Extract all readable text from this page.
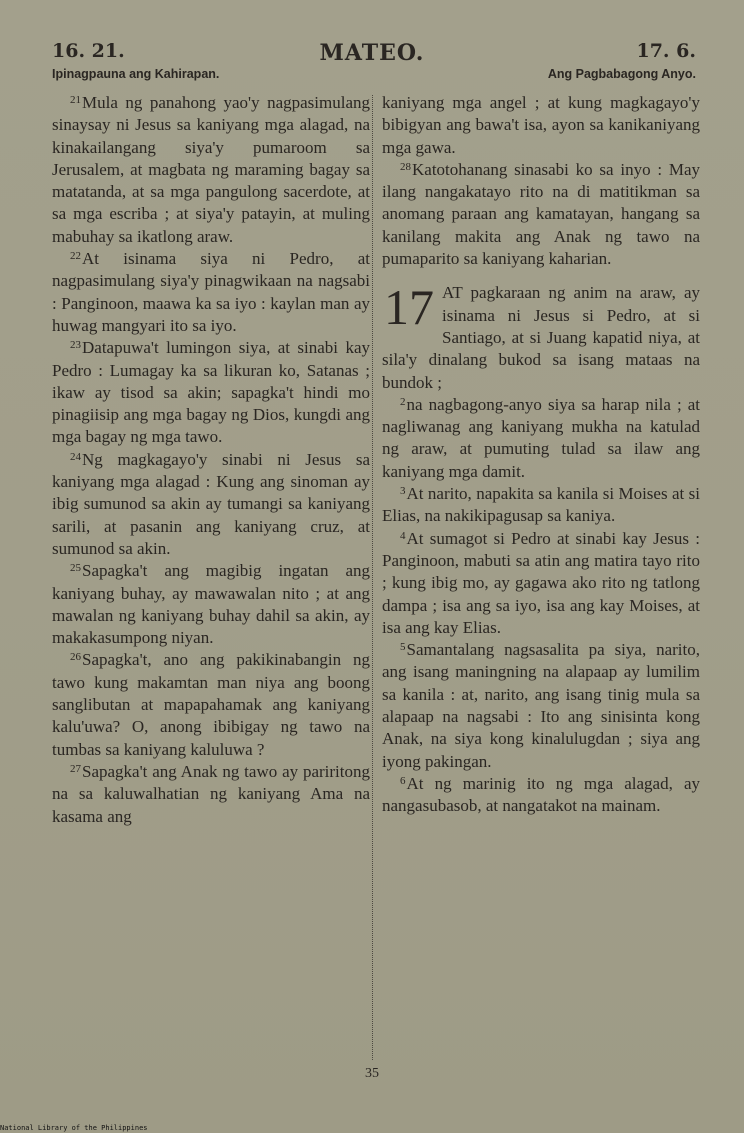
16. 21.	MATEO.	17. 6.
Ipinagpauna ang Kahirapan.	Ang Pagbabagong Anyo.

$^{21}$Mula ng panahong yao'y nagpasimulang sinaysay ni Jesus sa kaniyang mga alagad, na kinakailangang siya'y pumaroom sa Jerusalem, at magbata ng maraming bagay sa matatanda, at sa mga pangulong sacerdote, at sa mga escriba ; at siya'y patayin, at muling mabuhay sa ikatlong araw.

$^{22}$At isinama siya ni Pedro, at nagpasimulang siya'y pinagwikaan na nagsabi : Panginoon, maawa ka sa iyo : kaylan man ay huwag mangyari ito sa iyo.

$^{23}$Datapuwa't lumingon siya, at sinabi kay Pedro : Lumagay ka sa likuran ko, Satanas ; ikaw ay tisod sa akin; sapagka't hindi mo pinagiisip ang mga bagay ng Dios, kungdi ang mga bagay ng mga tawo.

$^{24}$Ng magkagayo'y sinabi ni Jesus sa kaniyang mga alagad : Kung ang sinoman ay ibig sumunod sa akin ay tumangi sa kaniyang sarili, at pasanin ang kaniyang cruz, at sumunod sa akin.

$^{25}$Sapagka't ang magibig ingatan ang kaniyang buhay, ay mawawalan nito ; at ang mawalan ng kaniyang buhay dahil sa akin, ay makakasumpong niyan.

$^{26}$Sapagka't, ano ang pakikinabangin ng tawo kung makamtan man niya ang boong sanglibutan at mapapahamak ang kaniyang kalu'uwa? O, anong ibibigay ng tawo na tumbas sa kaniyang kaluluwa ?

$^{27}$Sapagka't ang Anak ng tawo ay pariritong na sa kaluwalhatian ng kaniyang Ama na kasama ang

kaniyang mga angel ; at kung magkagayo'y bibigyan ang bawa't isa, ayon sa kanikaniyang mga gawa.

$^{28}$Katotohanang sinasabi ko sa inyo : May ilang nangakatayo rito na di matitikman sa anomang paraan ang kamatayan, hangang sa kanilang makita ang Anak ng tawo na pumaparito sa kaniyang kaharian.

17 AT pagkaraan ng anim na araw, ay isinama ni Jesus si Pedro, at si Santiago, at si Juang kapatid niya, at sila'y dinalang bukod sa isang mataas na bundok ;

$^2$na nagbagong-anyo siya sa harap nila ; at nagliwanag ang kaniyang mukha na katulad ng araw, at pumuting tulad sa ilaw ang kaniyang mga damit.

$^3$At narito, napakita sa kanila si Moises at si Elias, na nakikipagusap sa kaniya.

$^4$At sumagot si Pedro at sinabi kay Jesus : Panginoon, mabuti sa atin ang matira tayo rito ; kung ibig mo, ay gagawa ako rito ng tatlong dampa ; isa ang sa iyo, isa ang kay Moises, at isa ang kay Elias.

$^5$Samantalang nagsasalita pa siya, narito, ang isang maningning na alapaap ay lumilim sa kanila : at, narito, ang isang tinig mula sa alapaap na nagsabi : Ito ang sinisinta kong Anak, na siya kong kinalulugdan ; siya ang iyong pakingan.

$^6$At ng marinig ito ng mga alagad, ay nangasubasob, at nangatakot na mainam.

35
National Library of the Philippines
